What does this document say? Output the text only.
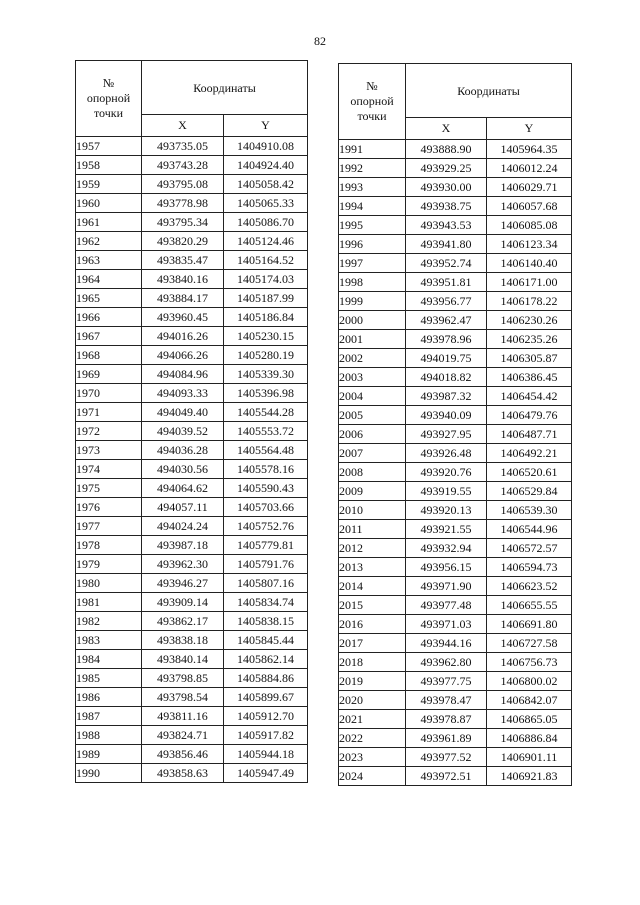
82
№
опорной
точки	Координаты	
	X	Y
1957	493735.05	1404910.08
1958	493743.28	1404924.40
1959	493795.08	1405058.42
1960	493778.98	1405065.33
1961	493795.34	1405086.70
1962	493820.29	1405124.46
1963	493835.47	1405164.52
1964	493840.16	1405174.03
1965	493884.17	1405187.99
1966	493960.45	1405186.84
1967	494016.26	1405230.15
1968	494066.26	1405280.19
1969	494084.96	1405339.30
1970	494093.33	1405396.98
1971	494049.40	1405544.28
1972	494039.52	1405553.72
1973	494036.28	1405564.48
1974	494030.56	1405578.16
1975	494064.62	1405590.43
1976	494057.11	1405703.66
1977	494024.24	1405752.76
1978	493987.18	1405779.81
1979	493962.30	1405791.76
1980	493946.27	1405807.16
1981	493909.14	1405834.74
1982	493862.17	1405838.15
1983	493838.18	1405845.44
1984	493840.14	1405862.14
1985	493798.85	1405884.86
1986	493798.54	1405899.67
1987	493811.16	1405912.70
1988	493824.71	1405917.82
1989	493856.46	1405944.18
1990	493858.63	1405947.49
№
опорной
точки	Координаты	
	X	Y
1991	493888.90	1405964.35
1992	493929.25	1406012.24
1993	493930.00	1406029.71
1994	493938.75	1406057.68
1995	493943.53	1406085.08
1996	493941.80	1406123.34
1997	493952.74	1406140.40
1998	493951.81	1406171.00
1999	493956.77	1406178.22
2000	493962.47	1406230.26
2001	493978.96	1406235.26
2002	494019.75	1406305.87
2003	494018.82	1406386.45
2004	493987.32	1406454.42
2005	493940.09	1406479.76
2006	493927.95	1406487.71
2007	493926.48	1406492.21
2008	493920.76	1406520.61
2009	493919.55	1406529.84
2010	493920.13	1406539.30
2011	493921.55	1406544.96
2012	493932.94	1406572.57
2013	493956.15	1406594.73
2014	493971.90	1406623.52
2015	493977.48	1406655.55
2016	493971.03	1406691.80
2017	493944.16	1406727.58
2018	493962.80	1406756.73
2019	493977.75	1406800.02
2020	493978.47	1406842.07
2021	493978.87	1406865.05
2022	493961.89	1406886.84
2023	493977.52	1406901.11
2024	493972.51	1406921.83
